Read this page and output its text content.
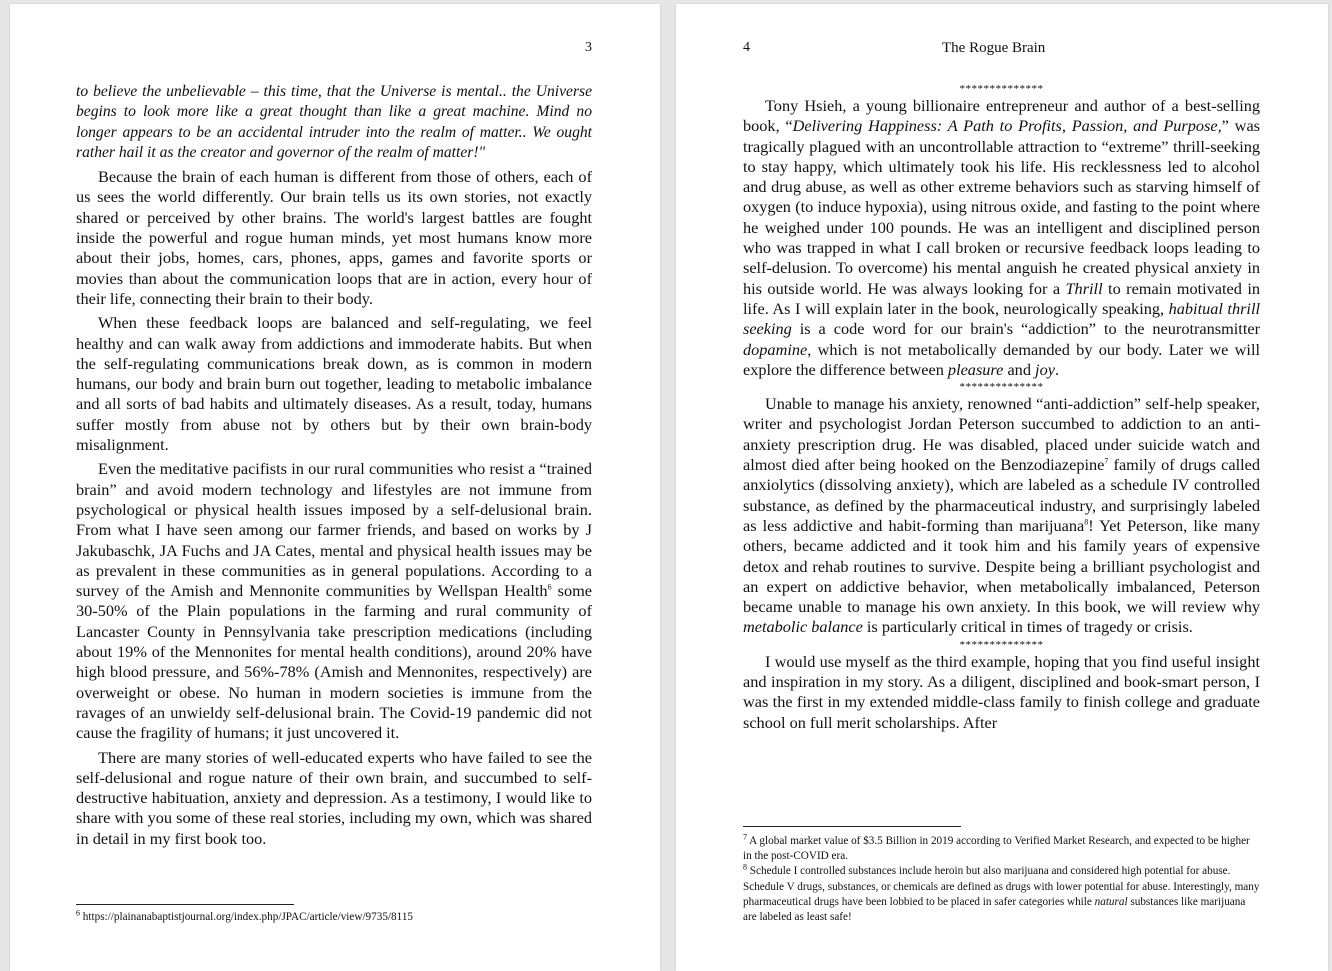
3

to believe the unbelievable – this time, that the Universe is mental.. the Universe begins to look more like a great thought than like a great machine. Mind no longer appears to be an accidental intruder into the realm of matter.. We ought rather hail it as the creator and governor of the realm of matter!"

Because the brain of each human is different from those of others, each of us sees the world differently. Our brain tells us its own stories, not exactly shared or perceived by other brains. The world's largest battles are fought inside the powerful and rogue human minds, yet most humans know more about their jobs, homes, cars, phones, apps, games and favorite sports or movies than about the communication loops that are in action, every hour of their life, connecting their brain to their body.

When these feedback loops are balanced and self-regulating, we feel healthy and can walk away from addictions and immoderate habits. But when the self-regulating communications break down, as is common in modern humans, our body and brain burn out together, leading to metabolic imbalance and all sorts of bad habits and ultimately diseases. As a result, today, humans suffer mostly from abuse not by others but by their own brain-body misalignment.

Even the meditative pacifists in our rural communities who resist a “trained brain” and avoid modern technology and lifestyles are not immune from psychological or physical health issues imposed by a self-delusional brain. From what I have seen among our farmer friends, and based on works by J Jakubaschk, JA Fuchs and JA Cates, mental and physical health issues may be as prevalent in these communities as in general populations. According to a survey of the Amish and Mennonite communities by Wellspan Health$^6$ some 30-50% of the Plain populations in the farming and rural community of Lancaster County in Pennsylvania take prescription medications (including about 19% of the Mennonites for mental health conditions), around 20% have high blood pressure, and 56%-78% (Amish and Mennonites, respectively) are overweight or obese. No human in modern societies is immune from the ravages of an unwieldy self-delusional brain. The Covid-19 pandemic did not cause the fragility of humans; it just uncovered it.

There are many stories of well-educated experts who have failed to see the self-delusional and rogue nature of their own brain, and succumbed to self-destructive habituation, anxiety and depression. As a testimony, I would like to share with you some of these real stories, including my own, which was shared in detail in my first book too.

$^6$ https://plainanabaptistjournal.org/index.php/JPAC/article/view/9735/8115

4	The Rogue Brain

**************

Tony Hsieh, a young billionaire entrepreneur and author of a best-selling book, “Delivering Happiness: A Path to Profits, Passion, and Purpose,” was tragically plagued with an uncontrollable attraction to “extreme” thrill-seeking to stay happy, which ultimately took his life. His recklessness led to alcohol and drug abuse, as well as other extreme behaviors such as starving himself of oxygen (to induce hypoxia), using nitrous oxide, and fasting to the point where he weighed under 100 pounds. He was an intelligent and disciplined person who was trapped in what I call broken or recursive feedback loops leading to self-delusion. To overcome) his mental anguish he created physical anxiety in his outside world. He was always looking for a Thrill to remain motivated in life. As I will explain later in the book, neurologically speaking, habitual thrill seeking is a code word for our brain's “addiction” to the neurotransmitter dopamine, which is not metabolically demanded by our body. Later we will explore the difference between pleasure and joy.

**************

Unable to manage his anxiety, renowned “anti-addiction” self-help speaker, writer and psychologist Jordan Peterson succumbed to addiction to an anti-anxiety prescription drug. He was disabled, placed under suicide watch and almost died after being hooked on the Benzodiazepine$^7$ family of drugs called anxiolytics (dissolving anxiety), which are labeled as a schedule IV controlled substance, as defined by the pharmaceutical industry, and surprisingly labeled as less addictive and habit-forming than marijuana$^8$! Yet Peterson, like many others, became addicted and it took him and his family years of expensive detox and rehab routines to survive. Despite being a brilliant psychologist and an expert on addictive behavior, when metabolically imbalanced, Peterson became unable to manage his own anxiety. In this book, we will review why metabolic balance is particularly critical in times of tragedy or crisis.

**************

I would use myself as the third example, hoping that you find useful insight and inspiration in my story. As a diligent, disciplined and book-smart person, I was the first in my extended middle-class family to finish college and graduate school on full merit scholarships. After

$^7$ A global market value of $3.5 Billion in 2019 according to Verified Market Research, and expected to be higher in the post-COVID era.

$^8$ Schedule I controlled substances include heroin but also marijuana and considered high potential for abuse. Schedule V drugs, substances, or chemicals are defined as drugs with lower potential for abuse. Interestingly, many pharmaceutical drugs have been lobbied to be placed in safer categories while natural substances like marijuana are labeled as least safe!
